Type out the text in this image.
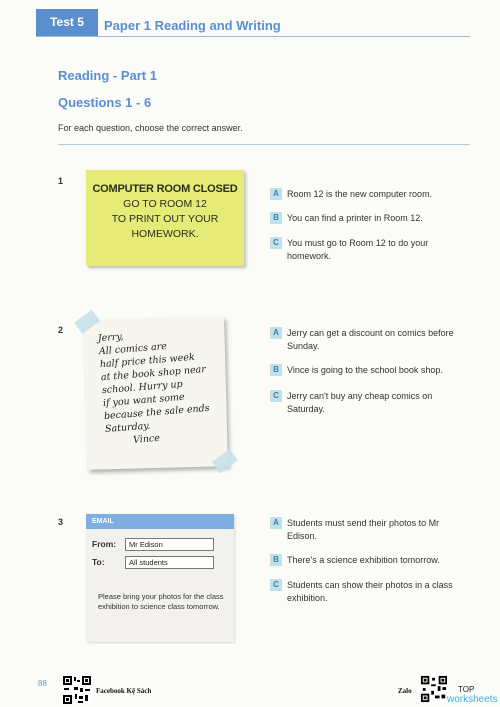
Test 5	Paper 1 Reading and Writing
Reading - Part 1
Questions 1 - 6
For each question, choose the correct answer.
1
COMPUTER ROOM CLOSED
GO TO ROOM 12
TO PRINT OUT YOUR
HOMEWORK.
A Room 12 is the new computer room.
B You can find a printer in Room 12.
C You must go to Room 12 to do your homework.
2
Jerry,
All comics are
half price this week
at the book shop near
school. Hurry up
if you want some
because the sale ends
Saturday.
Vince
A Jerry can get a discount on comics before Sunday.
B Vince is going to the school book shop.
C Jerry can't buy any cheap comics on Saturday.
3	EMAIL
From:	Mr Edison
To:	All students
Please bring your photos for the class exhibition to science class tomorrow.
A Students must send their photos to Mr Edison.
B There's a science exhibition tomorrow.
C Students can show their photos in a class exhibition.
88
Facebook Kệ Sách	Zalo	TOP
worksheets
